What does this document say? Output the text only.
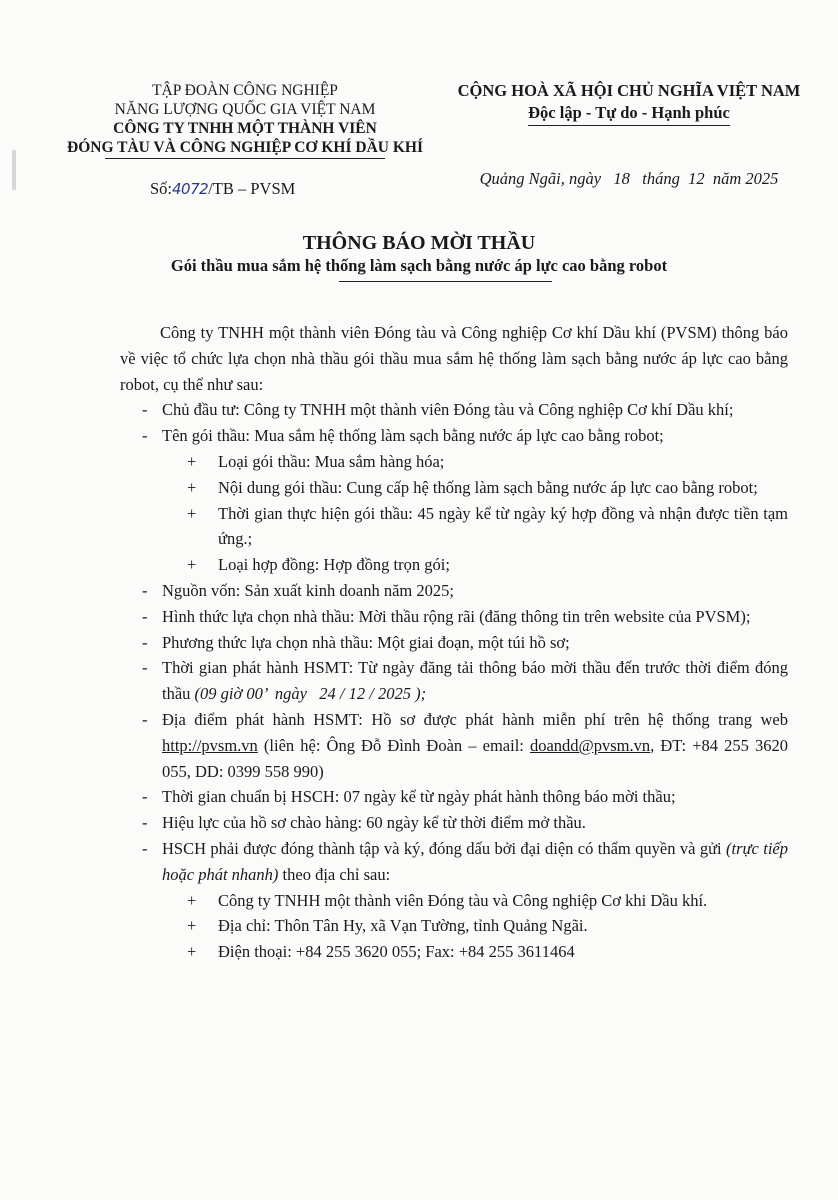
TẬP ĐOÀN CÔNG NGHIỆP
NĂNG LƯỢNG QUỐC GIA VIỆT NAM
CÔNG TY TNHH MỘT THÀNH VIÊN
ĐÓNG TÀU VÀ CÔNG NGHIỆP CƠ KHÍ DẦU KHÍ
CỘNG HOÀ XÃ HỘI CHỦ NGHĨA VIỆT NAM
Độc lập - Tự do - Hạnh phúc
Số:4072/TB – PVSM
Quảng Ngãi, ngày   18   tháng  12  năm 2025
THÔNG BÁO MỜI THẦU
Gói thầu mua sắm hệ thống làm sạch bằng nước áp lực cao bằng robot

Công ty TNHH một thành viên Đóng tàu và Công nghiệp Cơ khí Dầu khí (PVSM) thông báo về việc tổ chức lựa chọn nhà thầu gói thầu mua sắm hệ thống làm sạch bằng nước áp lực cao bằng robot, cụ thể như sau:

- Chủ đầu tư: Công ty TNHH một thành viên Đóng tàu và Công nghiệp Cơ khí Dầu khí;
- Tên gói thầu: Mua sắm hệ thống làm sạch bằng nước áp lực cao bằng robot;
+ Loại gói thầu: Mua sắm hàng hóa;
+ Nội dung gói thầu: Cung cấp hệ thống làm sạch bằng nước áp lực cao bằng robot;
+ Thời gian thực hiện gói thầu: 45 ngày kể từ ngày ký hợp đồng và nhận được tiền tạm ứng.;
+ Loại hợp đồng: Hợp đồng trọn gói;
- Nguồn vốn: Sản xuất kinh doanh năm 2025;
- Hình thức lựa chọn nhà thầu: Mời thầu rộng rãi (đăng thông tin trên website của PVSM);
- Phương thức lựa chọn nhà thầu: Một giai đoạn, một túi hồ sơ;
- Thời gian phát hành HSMT: Từ ngày đăng tải thông báo mời thầu đến trước thời điểm đóng thầu (09 giờ 00’  ngày   24 / 12 / 2025 );
- Địa điểm phát hành HSMT: Hồ sơ được phát hành miễn phí trên hệ thống trang web http://pvsm.vn (liên hệ: Ông Đỗ Đình Đoàn – email: doandd@pvsm.vn, ĐT: +84 255 3620 055, DD: 0399 558 990)
- Thời gian chuẩn bị HSCH: 07 ngày kể từ ngày phát hành thông báo mời thầu;
- Hiệu lực của hồ sơ chào hàng: 60 ngày kể từ thời điểm mở thầu.
- HSCH phải được đóng thành tập và ký, đóng dấu bởi đại diện có thẩm quyền và gửi (trực tiếp hoặc phát nhanh) theo địa chỉ sau:
+ Công ty TNHH một thành viên Đóng tàu và Công nghiệp Cơ khi Dầu khí.
+ Địa chỉ: Thôn Tân Hy, xã Vạn Tường, tỉnh Quảng Ngãi.
+ Điện thoại: +84 255 3620 055; Fax: +84 255 3611464
